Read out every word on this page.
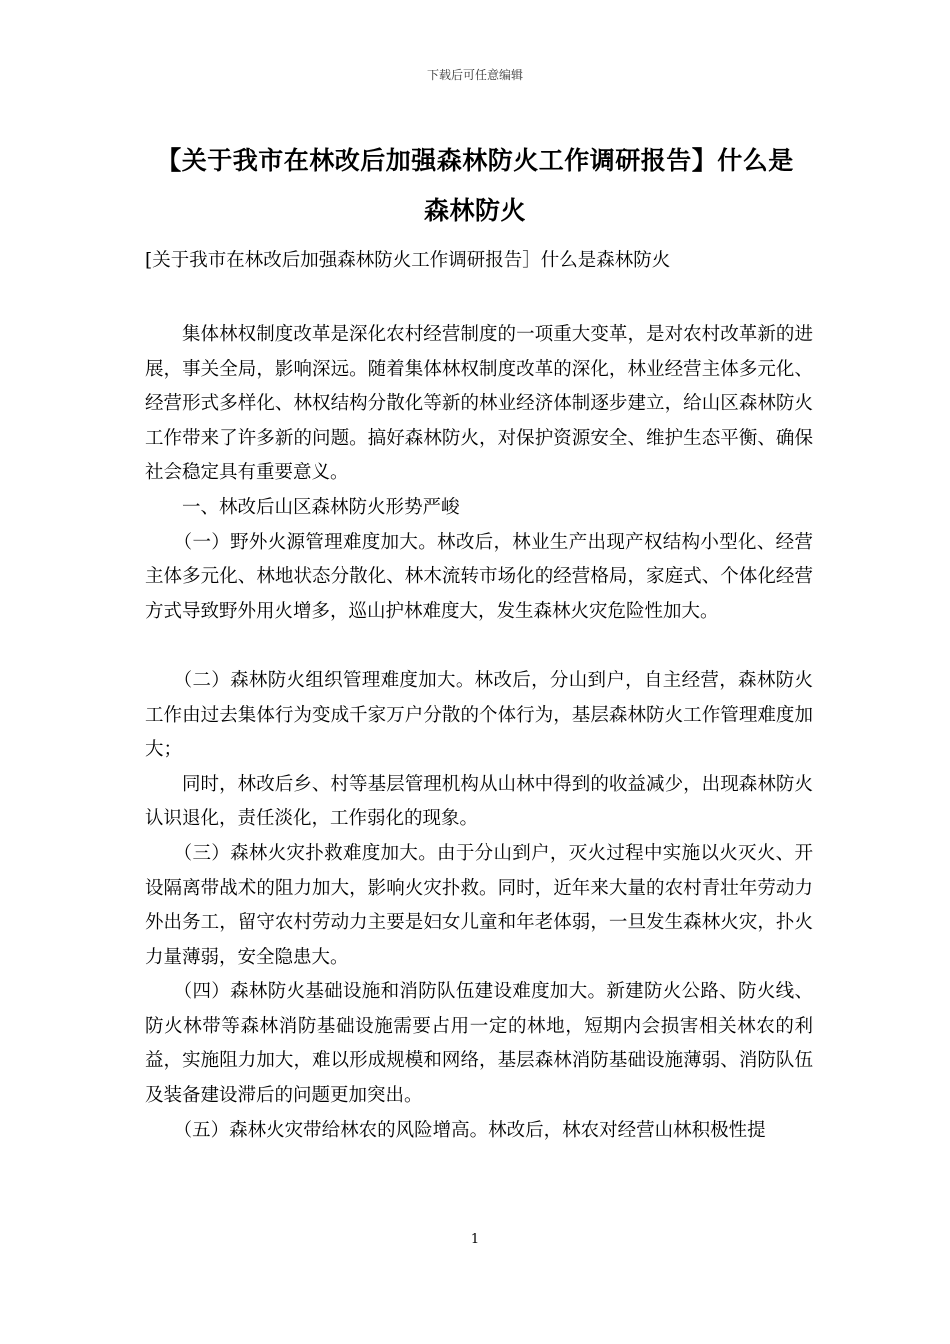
下载后可任意编辑
【关于我市在林改后加强森林防火工作调研报告】什么是森林防火
[关于我市在林改后加强森林防火工作调研报告］什么是森林防火

集体林权制度改革是深化农村经营制度的一项重大变革，是对农村改革新的进展，事关全局，影响深远。随着集体林权制度改革的深化，林业经营主体多元化、经营形式多样化、林权结构分散化等新的林业经济体制逐步建立，给山区森林防火工作带来了许多新的问题。搞好森林防火，对保护资源安全、维护生态平衡、确保社会稳定具有重要意义。

一、林改后山区森林防火形势严峻

（一）野外火源管理难度加大。林改后，林业生产出现产权结构小型化、经营主体多元化、林地状态分散化、林木流转市场化的经营格局，家庭式、个体化经营方式导致野外用火增多，巡山护林难度大，发生森林火灾危险性加大。

（二）森林防火组织管理难度加大。林改后，分山到户，自主经营，森林防火工作由过去集体行为变成千家万户分散的个体行为，基层森林防火工作管理难度加大；

同时，林改后乡、村等基层管理机构从山林中得到的收益减少，出现森林防火认识退化，责任淡化，工作弱化的现象。

（三）森林火灾扑救难度加大。由于分山到户，灭火过程中实施以火灭火、开设隔离带战术的阻力加大，影响火灾扑救。同时，近年来大量的农村青壮年劳动力外出务工，留守农村劳动力主要是妇女儿童和年老体弱，一旦发生森林火灾，扑火力量薄弱，安全隐患大。

（四）森林防火基础设施和消防队伍建设难度加大。新建防火公路、防火线、防火林带等森林消防基础设施需要占用一定的林地，短期内会损害相关林农的利益，实施阻力加大，难以形成规模和网络，基层森林消防基础设施薄弱、消防队伍及装备建设滞后的问题更加突出。

（五）森林火灾带给林农的风险增高。林改后，林农对经营山林积极性提

1
